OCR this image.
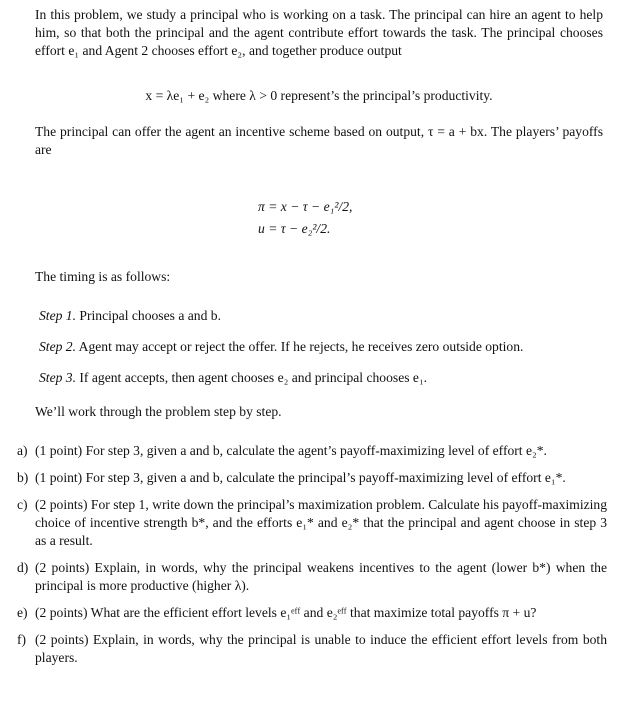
In this problem, we study a principal who is working on a task. The principal can hire an agent to help him, so that both the principal and the agent contribute effort towards the task. The principal chooses effort e₁ and Agent 2 chooses effort e₂, and together produce output

x = λe₁ + e₂ where λ > 0 represent’s the principal’s productivity.

The principal can offer the agent an incentive scheme based on output, τ = a + bx. The players’ payoffs are

π = x − τ − e₁²/2,
u = τ − e₂²/2.

The timing is as follows:

Step 1. Principal chooses a and b.
Step 2. Agent may accept or reject the offer. If he rejects, he receives zero outside option.
Step 3. If agent accepts, then agent chooses e₂ and principal chooses e₁.

We’ll work through the problem step by step.

a) (1 point) For step 3, given a and b, calculate the agent’s payoff-maximizing level of effort e₂*.
b) (1 point) For step 3, given a and b, calculate the principal’s payoff-maximizing level of effort e₁*.
c) (2 points) For step 1, write down the principal’s maximization problem. Calculate his payoff-maximizing choice of incentive strength b*, and the efforts e₁* and e₂* that the principal and agent choose in step 3 as a result.
d) (2 points) Explain, in words, why the principal weakens incentives to the agent (lower b*) when the principal is more productive (higher λ).
e) (2 points) What are the efficient effort levels e₁ᵉᶠᶠ and e₂ᵉᶠᶠ that maximize total payoffs π + u?
f) (2 points) Explain, in words, why the principal is unable to induce the efficient effort levels from both players.
